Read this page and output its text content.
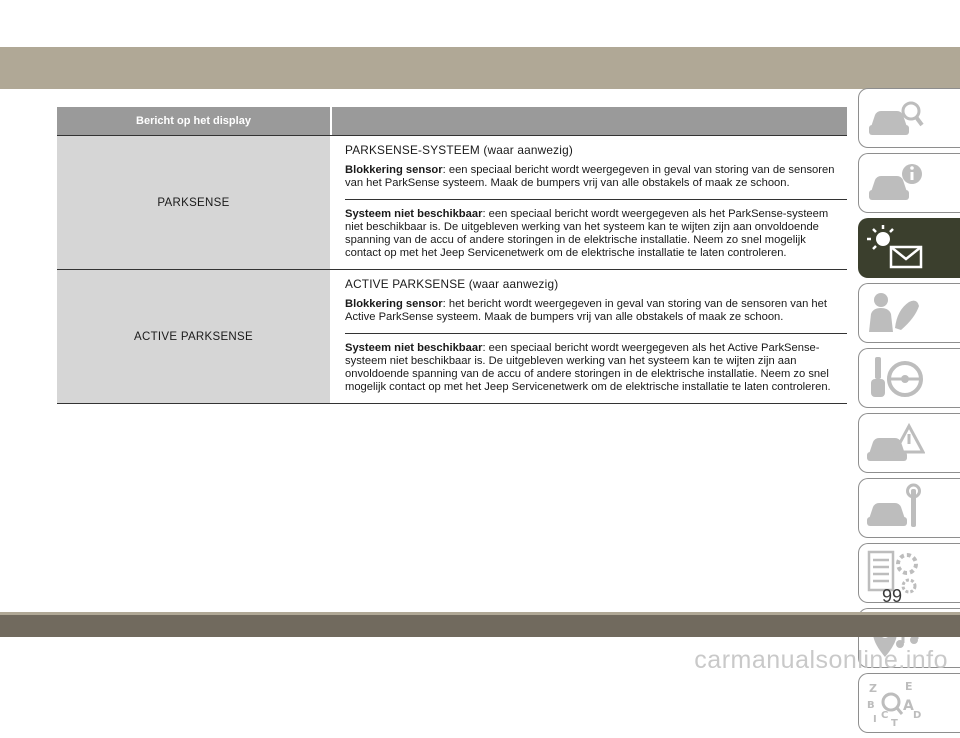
Bericht op het display
PARKSENSE
PARKSENSE-SYSTEEM (waar aanwezig)
Blokkering sensor: een speciaal bericht wordt weergegeven in geval van storing van de sensoren van het ParkSense systeem. Maak de bumpers vrij van alle obstakels of maak ze schoon.
Systeem niet beschikbaar: een speciaal bericht wordt weergegeven als het ParkSense-systeem niet beschikbaar is. De uitgebleven werking van het systeem kan te wijten zijn aan onvoldoende spanning van de accu of andere storingen in de elektrische installatie. Neem zo snel mogelijk contact op met het Jeep Servicenetwerk om de elektrische installatie te laten controleren.
ACTIVE PARKSENSE
ACTIVE PARKSENSE (waar aanwezig)
Blokkering sensor: het bericht wordt weergegeven in geval van storing van de sensoren van het Active ParkSense systeem. Maak de bumpers vrij van alle obstakels of maak ze schoon.
Systeem niet beschikbaar: een speciaal bericht wordt weergegeven als het Active ParkSense-systeem niet beschikbaar is. De uitgebleven werking van het systeem kan te wijten zijn aan onvoldoende spanning van de accu of andere storingen in de elektrische installatie. Neem zo snel mogelijk contact op met het Jeep Servicenetwerk om de elektrische installatie te laten controleren.
Z	E
B A
I C
T
D
99
carmanualsonline.info
